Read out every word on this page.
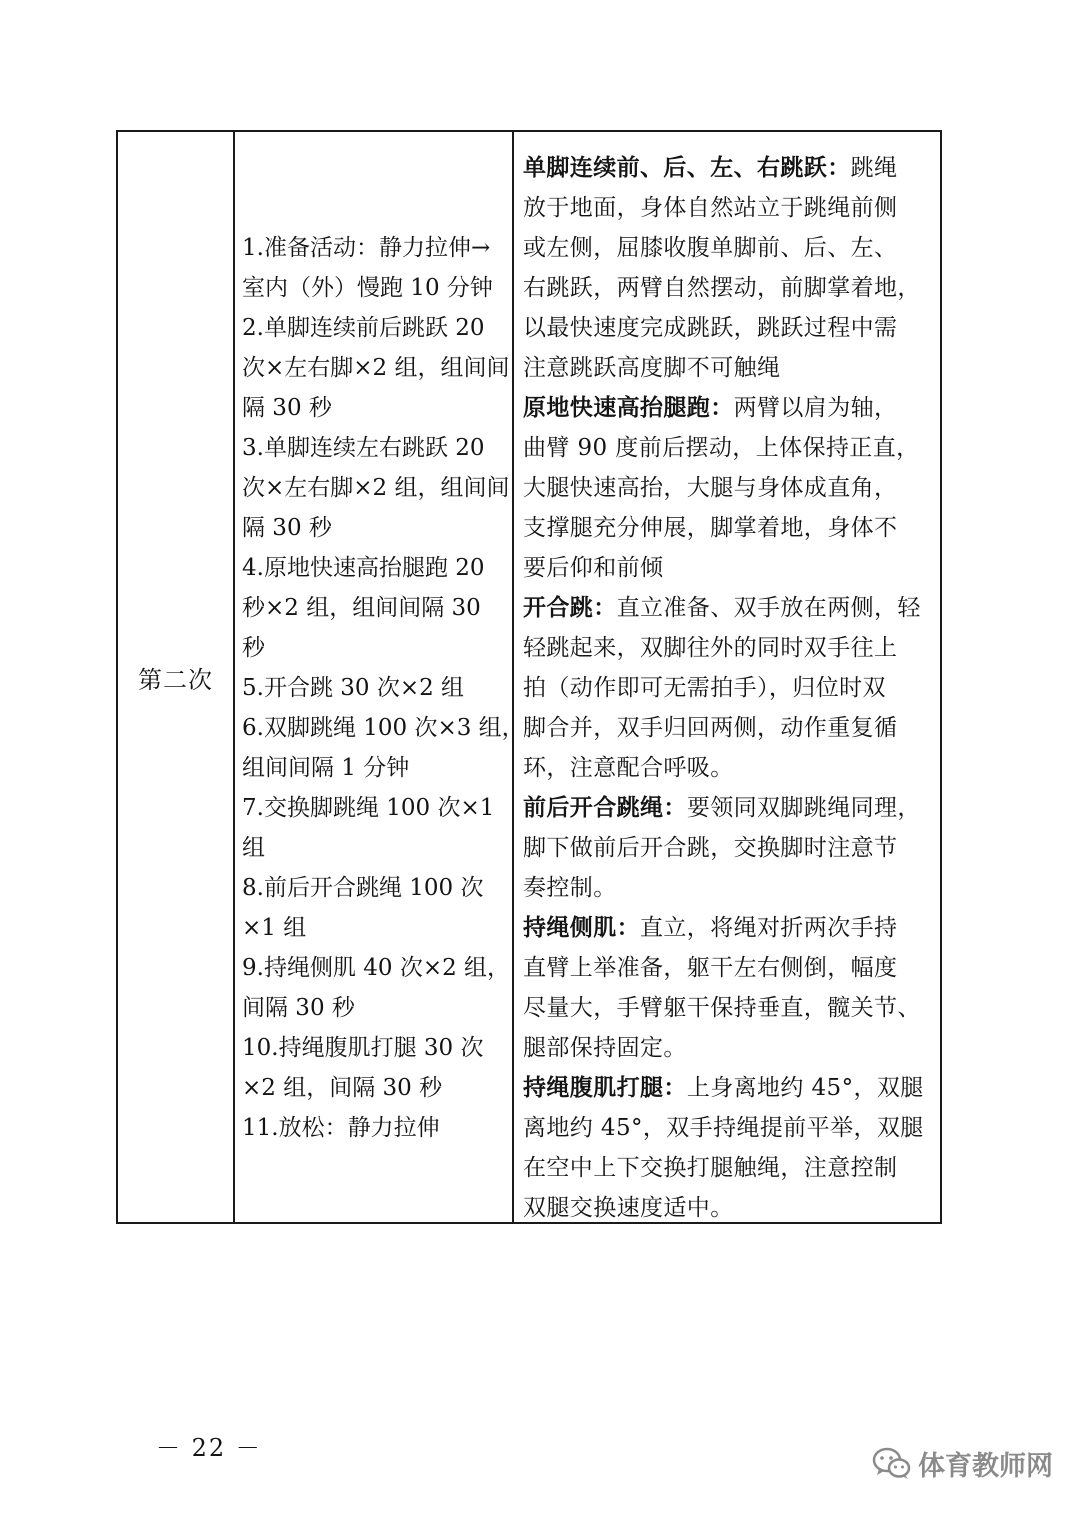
第二次
1.准备活动：静力拉伸→
室内（外）慢跑 10 分钟
2.单脚连续前后跳跃 20
次×左右脚×2 组，组间间
隔 30 秒
3.单脚连续左右跳跃 20
次×左右脚×2 组，组间间
隔 30 秒
4.原地快速高抬腿跑 20
秒×2 组，组间间隔 30
秒
5.开合跳 30 次×2 组
6.双脚跳绳 100 次×3 组，
组间间隔 1 分钟
7.交换脚跳绳 100 次×1
组
8.前后开合跳绳 100 次
×1 组
9.持绳侧肌 40 次×2 组，
间隔 30 秒
10.持绳腹肌打腿 30 次
×2 组，间隔 30 秒
11.放松：静力拉伸
单脚连续前、后、左、右跳跃：跳绳
放于地面，身体自然站立于跳绳前侧
或左侧，屈膝收腹单脚前、后、左、
右跳跃，两臂自然摆动，前脚掌着地，
以最快速度完成跳跃，跳跃过程中需
注意跳跃高度脚不可触绳
原地快速高抬腿跑：两臂以肩为轴，
曲臂 90 度前后摆动，上体保持正直，
大腿快速高抬，大腿与身体成直角，
支撑腿充分伸展，脚掌着地，身体不
要后仰和前倾
开合跳：直立准备、双手放在两侧，轻
轻跳起来，双脚往外的同时双手往上
拍（动作即可无需拍手），归位时双
脚合并，双手归回两侧，动作重复循
环，注意配合呼吸。
前后开合跳绳：要领同双脚跳绳同理，
脚下做前后开合跳，交换脚时注意节
奏控制。
持绳侧肌：直立，将绳对折两次手持
直臂上举准备，躯干左右侧倒，幅度
尽量大，手臂躯干保持垂直，髋关节、
腿部保持固定。
持绳腹肌打腿：上身离地约 45°，双腿
离地约 45°，双手持绳提前平举，双腿
在空中上下交换打腿触绳，注意控制
双腿交换速度适中。
－ 22 －
体育教师网
